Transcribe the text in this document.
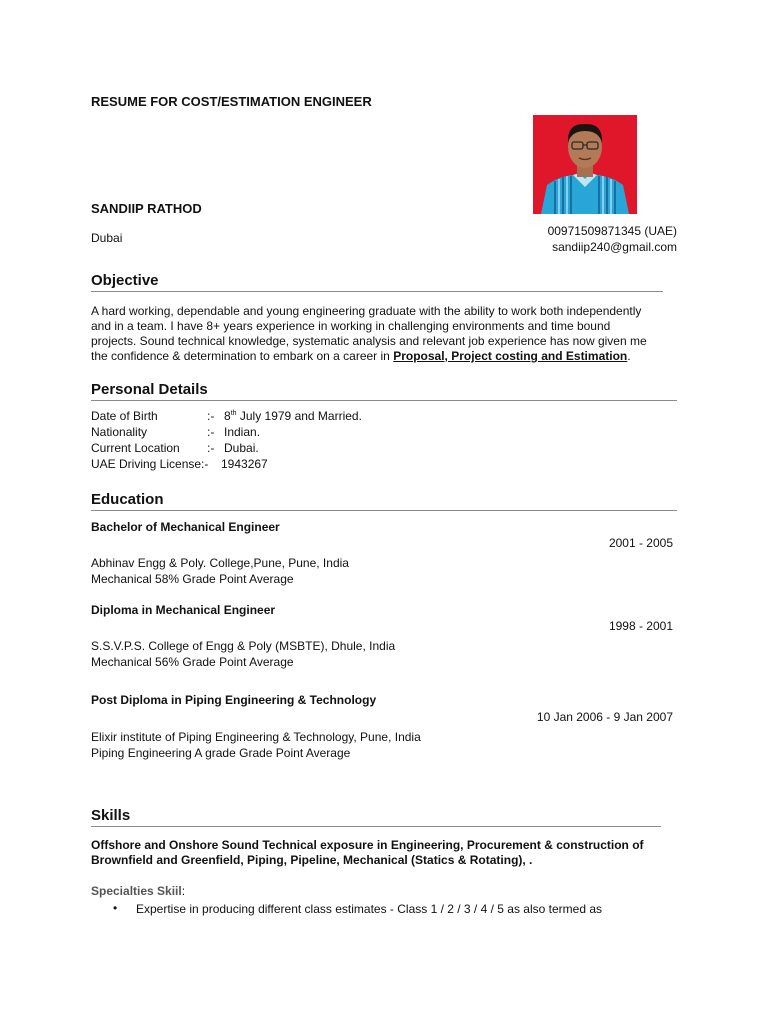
RESUME FOR COST/ESTIMATION ENGINEER
SANDIIP RATHOD
Dubai	00971509871345 (UAE)
sandiip240@gmail.com
Objective
A hard working, dependable and young engineering graduate with the ability to work both independently
and in a team. I have 8+ years experience in working in challenging environments and time bound
projects. Sound technical knowledge, systematic analysis and relevant job experience has now given me
the confidence & determination to embark on a career in Proposal, Project costing and Estimation.
Personal Details
Date of Birth	:- 8th July 1979 and Married.
Nationality	:- Indian.
Current Location	:- Dubai.
UAE Driving License:-	1943267
Education
Bachelor of Mechanical Engineer
2001 - 2005
Abhinav Engg & Poly. College,Pune, Pune, India
Mechanical 58% Grade Point Average
Diploma in Mechanical Engineer
1998 - 2001
S.S.V.P.S. College of Engg & Poly (MSBTE), Dhule, India
Mechanical 56% Grade Point Average
Post Diploma in Piping Engineering & Technology
10 Jan 2006 - 9 Jan 2007
Elixir institute of Piping Engineering & Technology, Pune, India
Piping Engineering A grade Grade Point Average
Skills
Offshore and Onshore Sound Technical exposure in Engineering, Procurement & construction of
Brownfield and Greenfield, Piping, Pipeline, Mechanical (Statics & Rotating), .
Specialties Skiil:
• Expertise in producing different class estimates - Class 1 / 2 / 3 / 4 / 5 as also termed as
